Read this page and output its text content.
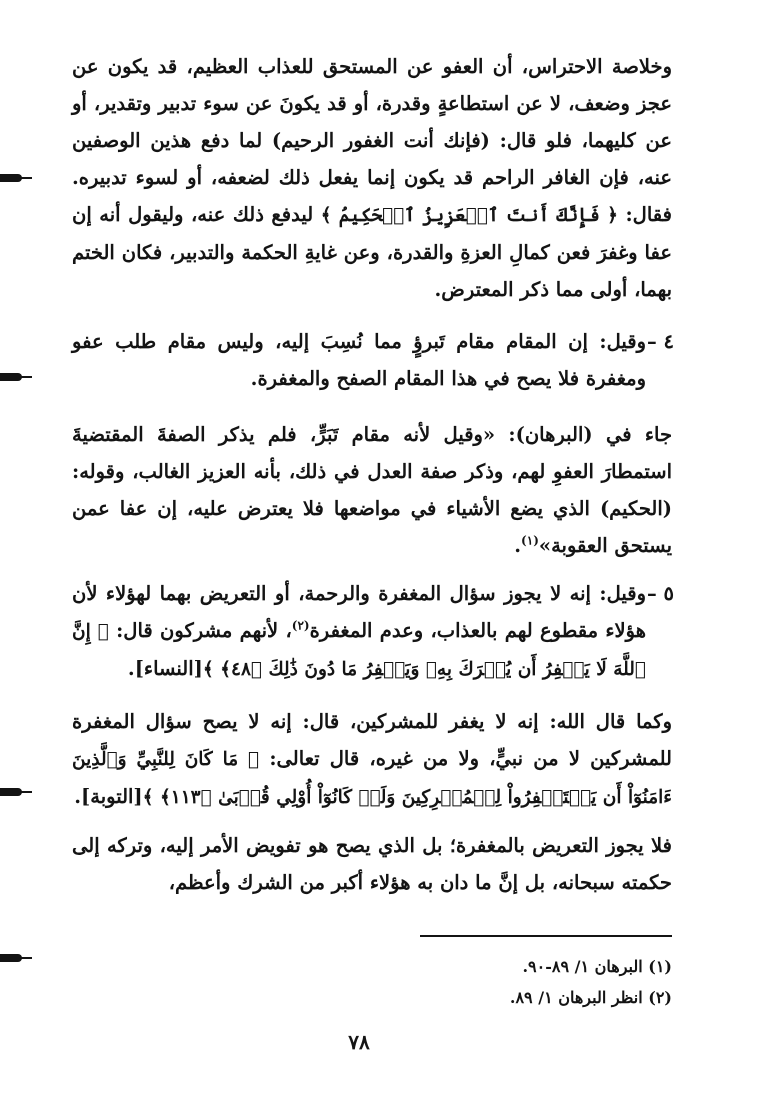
وخلاصة الاحتراس، أن العفو عن المستحق للعذاب العظيم، قد يكون عن عجز وضعف، لا عن استطاعةٍ وقدرة، أو قد يكونَ عن سوء تدبير وتقدير، أو عن كليهما، فلو قال: (فإنك أنت الغفور الرحيم) لما دفع هذين الوصفين عنه، فإن الغافر الراحم قد يكون إنما يفعل ذلك لضعفه، أو لسوء تدبيره. فقال: ﴿ فَإِنَّكَ أَنتَ ٱلۡعَزِيزُ ٱلۡحَكِيمُ ﴾ ليدفع ذلك عنه، وليقول أنه إن عفا وغفرَ فعن كمالِ العزةِ والقدرة، وعن غايةِ الحكمة والتدبير، فكان الختم بهما، أولى مما ذكر المعترض.

٤ –

وقيل: إن المقام مقام تَبرؤٍ مما نُسِبَ إليه، وليس مقام طلب عفو ومغفرة فلا يصح في هذا المقام الصفح والمغفرة.

جاء في (البرهان): «وقيل لأنه مقام تَبَرٍّ، فلم يذكر الصفةَ المقتضيةَ استمطارَ العفوِ لهم، وذكر صفة العدل في ذلك، بأنه العزيز الغالب، وقوله: (الحكيم) الذي يضع الأشياء في مواضعها فلا يعترض عليه، إن عفا عمن يستحق العقوبة»$^{(١)}$.

٥ –

وقيل: إنه لا يجوز سؤال المغفرة والرحمة، أو التعريض بهما لهؤلاء لأن هؤلاء مقطوع لهم بالعذاب، وعدم المغفرة$^{(٢)}$، لأنهم مشركون قال: ﴿ إِنَّ ٱللَّهَ لَا يَغۡفِرُ أَن يُشۡرَكَ بِهِۦ وَيَغۡفِرُ مَا دُونَ ذَٰلِكَ ﴿٤٨﴾ ﴾[النساء].

وكما قال الله: إنه لا يغفر للمشركين، قال: إنه لا يصح سؤال المغفرة للمشركين لا من نبيٍّ، ولا من غيره، قال تعالى: ﴿ مَا كَانَ لِلنَّبِيِّ وَٱلَّذِينَ ءَامَنُوٓاْ أَن يَسۡتَغۡفِرُواْ لِلۡمُشۡرِكِينَ وَلَوۡ كَانُوٓاْ أُوْلِي قُرۡبَىٰ ﴿١١٣﴾ ﴾[التوبة].

فلا يجوز التعريض بالمغفرة؛ بل الذي يصح هو تفويض الأمر إليه، وتركه إلى حكمته سبحانه، بل إنَّ ما دان به هؤلاء أكبر من الشرك وأعظم،

(١) البرهان ١/ ٨٩-٩٠.
(٢) انظر البرهان ١/ ٨٩.
٧٨
